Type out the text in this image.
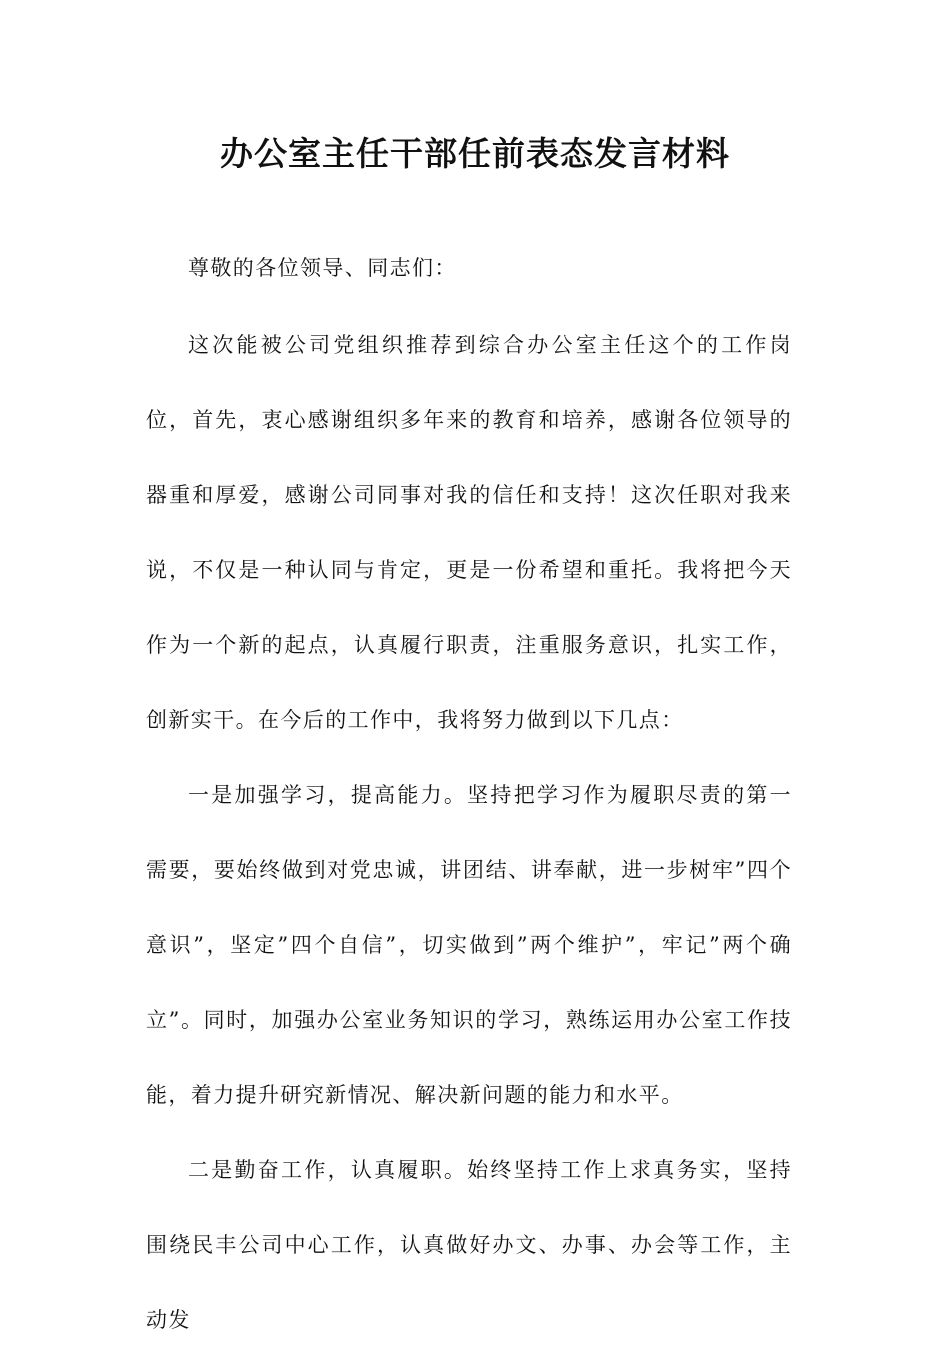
办公室主任干部任前表态发言材料

尊敬的各位领导、同志们：

这次能被公司党组织推荐到综合办公室主任这个的工作岗位，首先，衷心感谢组织多年来的教育和培养，感谢各位领导的器重和厚爱，感谢公司同事对我的信任和支持！这次任职对我来说，不仅是一种认同与肯定，更是一份希望和重托。我将把今天作为一个新的起点，认真履行职责，注重服务意识，扎实工作，创新实干。在今后的工作中，我将努力做到以下几点：

一是加强学习，提高能力。坚持把学习作为履职尽责的第一需要，要始终做到对党忠诚，讲团结、讲奉献，进一步树牢”四个意识”，坚定”四个自信”，切实做到”两个维护”，牢记”两个确立”。同时，加强办公室业务知识的学习，熟练运用办公室工作技能，着力提升研究新情况、解决新问题的能力和水平。

二是勤奋工作，认真履职。始终坚持工作上求真务实，坚持围绕民丰公司中心工作，认真做好办文、办事、办会等工作，主动发
